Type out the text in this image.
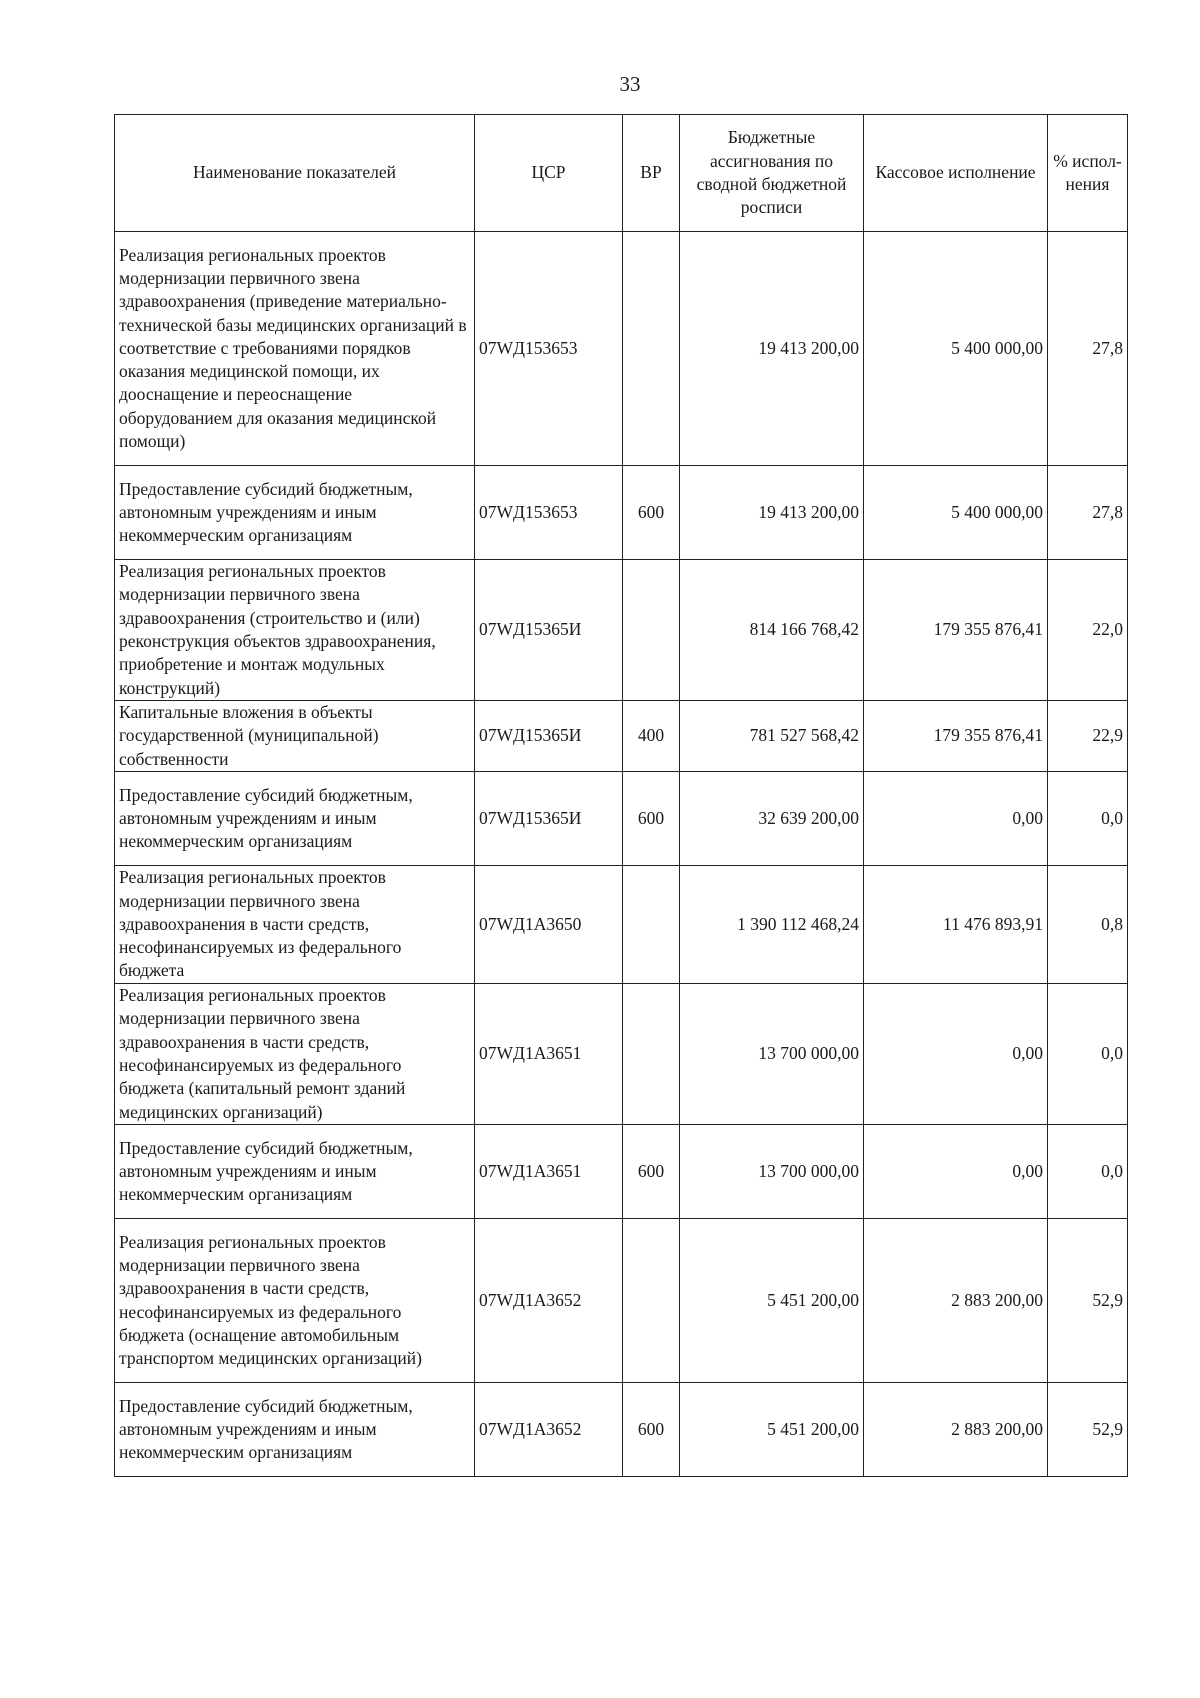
33
Наименование показателей	ЦСР	ВР	Бюджетные ассигнования по сводной бюджетной росписи	Кассовое исполнение	% испол-нения
Реализация региональных проектов модернизации первичного звена здравоохранения (приведение материально-технической базы медицинских организаций в соответствие с требованиями порядков оказания медицинской помощи, их дооснащение и переоснащение оборудованием для оказания медицинской помощи)	07WД153653		19 413 200,00	5 400 000,00	27,8
Предоставление субсидий бюджетным, автономным учреждениям и иным некоммерческим организациям	07WД153653	600	19 413 200,00	5 400 000,00	27,8
Реализация региональных проектов модернизации первичного звена здравоохранения (строительство и (или) реконструкция объектов здравоохранения, приобретение и монтаж модульных конструкций)	07WД15365И		814 166 768,42	179 355 876,41	22,0
Капитальные вложения в объекты государственной (муниципальной) собственности	07WД15365И	400	781 527 568,42	179 355 876,41	22,9
Предоставление субсидий бюджетным, автономным учреждениям и иным некоммерческим организациям	07WД15365И	600	32 639 200,00	0,00	0,0
Реализация региональных проектов модернизации первичного звена здравоохранения в части средств, несофинансируемых из федерального бюджета	07WД1А3650		1 390 112 468,24	11 476 893,91	0,8
Реализация региональных проектов модернизации первичного звена здравоохранения в части средств, несофинансируемых из федерального бюджета (капитальный ремонт зданий медицинских организаций)	07WД1А3651		13 700 000,00	0,00	0,0
Предоставление субсидий бюджетным, автономным учреждениям и иным некоммерческим организациям	07WД1А3651	600	13 700 000,00	0,00	0,0
Реализация региональных проектов модернизации первичного звена здравоохранения в части средств, несофинансируемых из федерального бюджета (оснащение автомобильным транспортом медицинских организаций)	07WД1А3652		5 451 200,00	2 883 200,00	52,9
Предоставление субсидий бюджетным, автономным учреждениям и иным некоммерческим организациям	07WД1А3652	600	5 451 200,00	2 883 200,00	52,9
